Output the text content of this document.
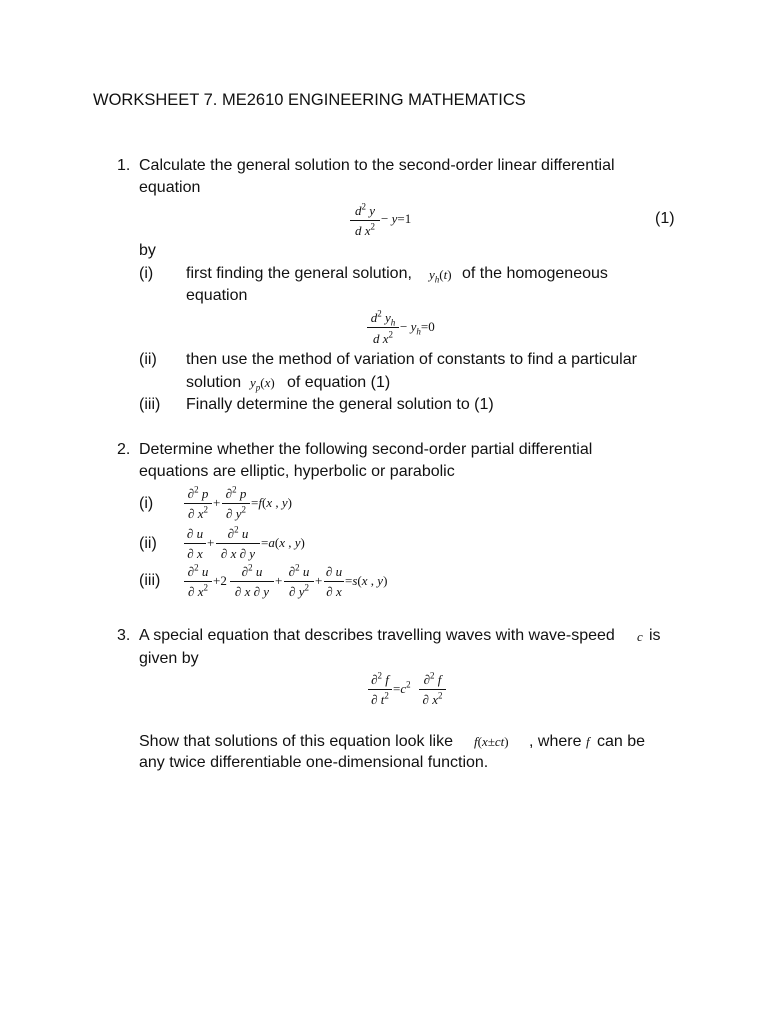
WORKSHEET 7. ME2610 ENGINEERING MATHEMATICS
1. Calculate the general solution to the second-order linear differential
equation
$d^2$ y
d $x^2$
− y=1	(1)
by
(i) first finding the general solution, $y_h(t)$ of the homogeneous
equation
$d^2$ $y_h$
d $x^2$
− $y_h=0$
(ii) then use the method of variation of constants to find a particular
solution $y_p(x)$ of equation (1)
(iii) Finally determine the general solution to (1)
2. Determine whether the following second-order partial differential
equations are elliptic, hyperbolic or parabolic
(i)
∂$^2$ p
∂ $x^2$ +
∂$^2$ p
∂ $y^2 =f(x$ , y)
(ii)
∂ u
∂ x
+
∂$^2$ u
∂ x ∂ y
=a(x , y)
(iii)
∂$^2$ u
∂ $x^2 +2$
∂$^2$ u
∂ x ∂ y
+
∂$^2$ u
∂ $y^2$ +
∂ u
∂ x
=s(x , y)
3. A special equation that describes travelling waves with wave-speed c is
given by
∂$^2$ f
∂ $t^2 =c^2$ ∂$^2$ f
∂ $x^2$
Show that solutions of this equation look like f(x±ct) , where f can be
any twice differentiable one-dimensional function.
